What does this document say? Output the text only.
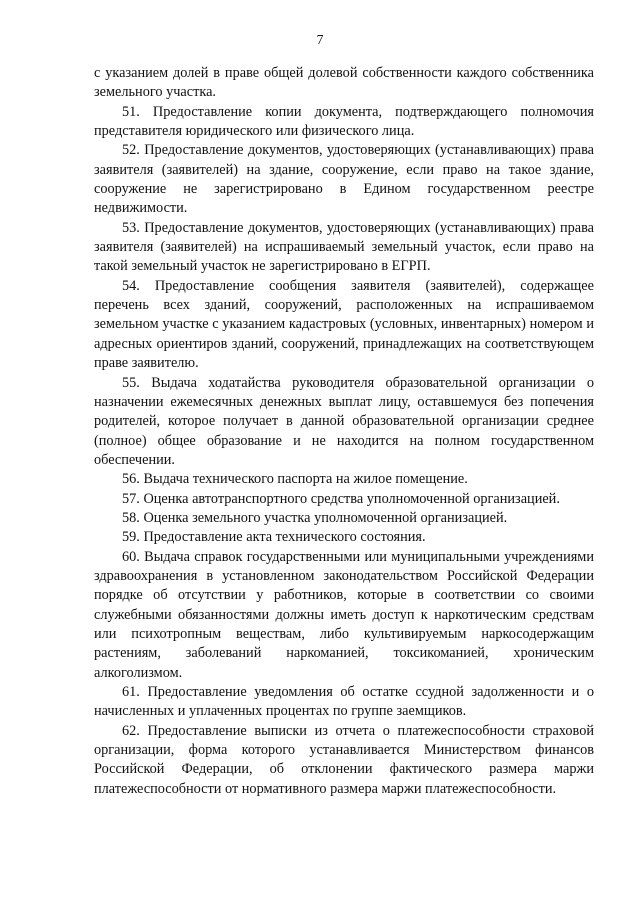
7

с указанием долей в праве общей долевой собственности каждого собственника земельного участка.

51. Предоставление копии документа, подтверждающего полномочия представителя юридического или физического лица.

52. Предоставление документов, удостоверяющих (устанавливающих) права заявителя (заявителей) на здание, сооружение, если право на такое здание, сооружение не зарегистрировано в Едином государственном реестре недвижимости.

53. Предоставление документов, удостоверяющих (устанавливающих) права заявителя (заявителей) на испрашиваемый земельный участок, если право на такой земельный участок не зарегистрировано в ЕГРП.

54. Предоставление сообщения заявителя (заявителей), содержащее перечень всех зданий, сооружений, расположенных на испрашиваемом земельном участке с указанием кадастровых (условных, инвентарных) номером и адресных ориентиров зданий, сооружений, принадлежащих на соответствующем праве заявителю.

55. Выдача ходатайства руководителя образовательной организации о назначении ежемесячных денежных выплат лицу, оставшемуся без попечения родителей, которое получает в данной образовательной организации среднее (полное) общее образование и не находится на полном государственном обеспечении.

56. Выдача технического паспорта на жилое помещение.

57. Оценка автотранспортного средства уполномоченной организацией.

58. Оценка земельного участка уполномоченной организацией.

59. Предоставление акта технического состояния.

60. Выдача справок государственными или муниципальными учреждениями здравоохранения в установленном законодательством Российской Федерации порядке об отсутствии у работников, которые в соответствии со своими служебными обязанностями должны иметь доступ к наркотическим средствам или психотропным веществам, либо культивируемым наркосодержащим растениям, заболеваний наркоманией, токсикоманией, хроническим алкоголизмом.

61. Предоставление уведомления об остатке ссудной задолженности и о начисленных и уплаченных процентах по группе заемщиков.

62. Предоставление выписки из отчета о платежеспособности страховой организации, форма которого устанавливается Министерством финансов Российской Федерации, об отклонении фактического размера маржи платежеспособности от нормативного размера маржи платежеспособности.
